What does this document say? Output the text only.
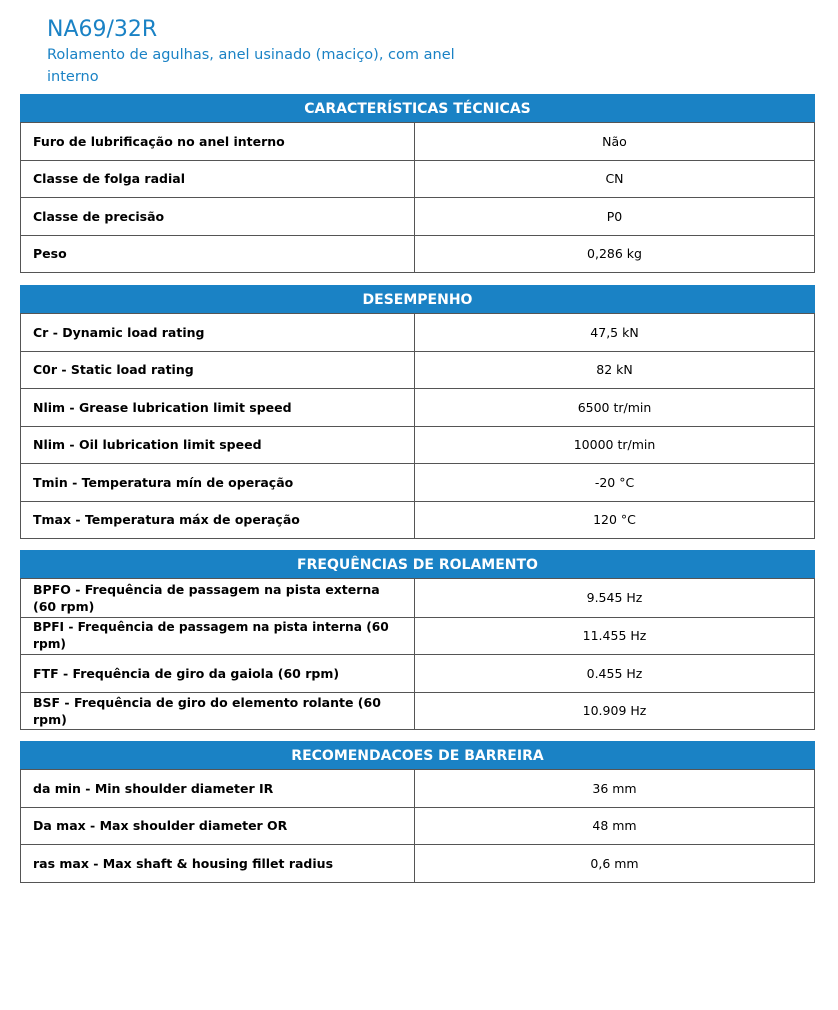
NA69/32R

Rolamento de agulhas, anel usinado (maciço), com anel interno

CARACTERÍSTICAS TÉCNICAS
Furo de lubrificação no anel interno	Não
Classe de folga radial	CN
Classe de precisão	P0
Peso	0,286 kg
DESEMPENHO
Cr - Dynamic load rating	47,5 kN
C0r - Static load rating	82 kN
Nlim - Grease lubrication limit speed	6500 tr/min
Nlim - Oil lubrication limit speed	10000 tr/min
Tmin - Temperatura mín de operação	-20 °C
Tmax - Temperatura máx de operação	120 °C
FREQUÊNCIAS DE ROLAMENTO
BPFO - Frequência de passagem na pista externa (60 rpm)	9.545 Hz
BPFI - Frequência de passagem na pista interna (60 rpm)	11.455 Hz
FTF - Frequência de giro da gaiola (60 rpm)	0.455 Hz
BSF - Frequência de giro do elemento rolante (60 rpm)	10.909 Hz
RECOMENDACOES DE BARREIRA
da min - Min shoulder diameter IR	36 mm
Da max - Max shoulder diameter OR	48 mm
ras max - Max shaft & housing fillet radius	0,6 mm
